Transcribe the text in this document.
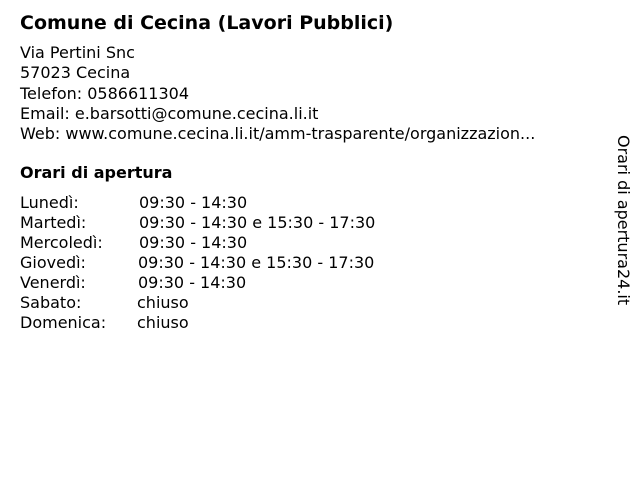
Comune di Cecina (Lavori Pubblici)
Via Pertini Snc
57023 Cecina
Telefon: 0586611304
Email: e.barsotti@comune.cecina.li.it
Web: www.comune.cecina.li.it/amm-trasparente/organizzazion...
Orari di apertura
Lunedì:	09:30 - 14:30
Martedì:	09:30 - 14:30 e 15:30 - 17:30
Mercoledì: 09:30 - 14:30
Giovedì:	09:30 - 14:30 e 15:30 - 17:30
Venerdì:	09:30 - 14:30
Sabato:	chiuso
Domenica: chiuso
Orari di apertura24.it
